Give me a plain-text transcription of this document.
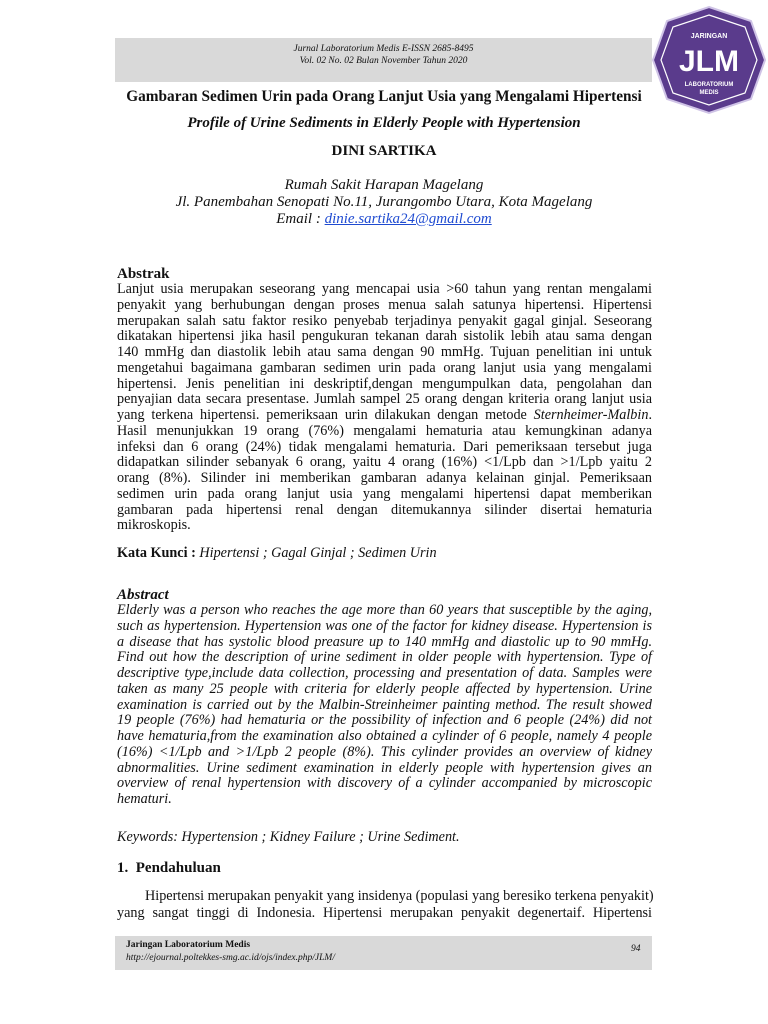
Jurnal Laboratorium Medis E-ISSN 2685-8495
Vol. 02 No. 02 Bulan November Tahun 2020
JARINGAN
JLM
LABORATORIUM
MEDIS
Gambaran Sedimen Urin pada Orang Lanjut Usia yang Mengalami Hipertensi
Profile of Urine Sediments in Elderly People with Hypertension
DINI SARTIKA
Rumah Sakit Harapan Magelang
Jl. Panembahan Senopati No.11, Jurangombo Utara, Kota Magelang
Email : dinie.sartika24@gmail.com
Abstrak
Lanjut usia merupakan seseorang yang mencapai usia >60 tahun yang rentan mengalami
penyakit yang berhubungan dengan proses menua salah satunya hipertensi. Hipertensi
merupakan salah satu faktor resiko penyebab terjadinya penyakit gagal ginjal. Seseorang
dikatakan hipertensi jika hasil pengukuran tekanan darah sistolik lebih atau sama dengan
140 mmHg dan diastolik lebih atau sama dengan 90 mmHg. Tujuan penelitian ini untuk
mengetahui bagaimana gambaran sedimen urin pada orang lanjut usia yang mengalami
hipertensi. Jenis penelitian ini deskriptif,dengan mengumpulkan data, pengolahan dan
penyajian data secara presentase. Jumlah sampel 25 orang dengan kriteria orang lanjut usia
yang terkena hipertensi. pemeriksaan urin dilakukan dengan metode Sternheimer-Malbin.
Hasil menunjukkan 19 orang (76%) mengalami hematuria atau kemungkinan adanya
infeksi dan 6 orang (24%) tidak mengalami hematuria. Dari pemeriksaan tersebut juga
didapatkan silinder sebanyak 6 orang, yaitu 4 orang (16%) <1/Lpb dan >1/Lpb yaitu 2
orang (8%). Silinder ini memberikan gambaran adanya kelainan ginjal. Pemeriksaan
sedimen urin pada orang lanjut usia yang mengalami hipertensi dapat memberikan
gambaran pada hipertensi renal dengan ditemukannya silinder disertai hematuria
mikroskopis.
Kata Kunci : Hipertensi ; Gagal Ginjal ; Sedimen Urin
Abstract
Elderly was a person who reaches the age more than 60 years that susceptible by the aging,
such as hypertension. Hypertension was one of the factor for kidney disease. Hypertension is
a disease that has systolic blood preasure up to 140 mmHg and diastolic up to 90 mmHg.
Find out how the description of urine sediment in older people with hypertension. Type of
descriptive type,include data collection, processing and presentation of data. Samples were
taken as many 25 people with criteria for elderly people affected by hypertension. Urine
examination is carried out by the Malbin-Streinheimer painting method. The result showed
19 people (76%) had hematuria or the possibility of infection and 6 people (24%) did not
have hematuria,from the examination also obtained a cylinder of 6 people, namely 4 people
(16%) <1/Lpb and >1/Lpb 2 people (8%). This cylinder provides an overview of kidney
abnormalities. Urine sediment examination in elderly people with hypertension gives an
overview of renal hypertension with discovery of a cylinder accompanied by microscopic
hematuri.
Keywords: Hypertension ; Kidney Failure ; Urine Sediment.
1.  Pendahuluan
Hipertensi merupakan penyakit yang insidenya (populasi yang beresiko terkena penyakit)
yang sangat tinggi di Indonesia. Hipertensi merupakan penyakit degenertaif. Hipertensi
Jaringan Laboratorium Medis
http://ejournal.poltekkes-smg.ac.id/ojs/index.php/JLM/
94
